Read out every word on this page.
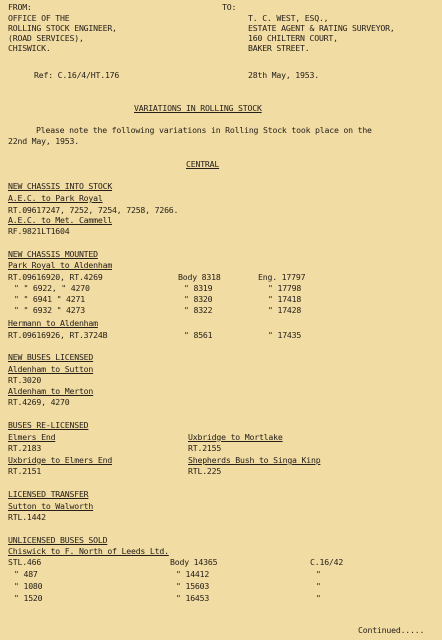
FROM:
OFFICE OF THE
ROLLING STOCK ENGINEER,
(ROAD SERVICES),
CHISWICK.
TO:
T. C. WEST, ESQ.,
ESTATE AGENT & RATING SURVEYOR,
160 CHILTERN COURT,
BAKER STREET.
Ref: C.16/4/HT.176	28th May, 1953.
VARIATIONS IN ROLLING STOCK
Please note the following variations in Rolling Stock took place on the
22nd May, 1953.
CENTRAL
NEW CHASSIS INTO STOCK
A.E.C. to Park Royal
RT.09617247, 7252, 7254, 7258, 7266.
A.E.C. to Met. Cammell
RF.9821LT1604
NEW CHASSIS MOUNTED
Park Royal to Aldenham
RT.09616920, RT.4269	Body 8318	Eng. 17797
" " 6922, " 4270	" 8319	" 17798
" " 6941 " 4271	" 8320	" 17418
" " 6932 " 4273	" 8322	" 17428
Hermann to Aldenham
RT.09616926, RT.3724B	" 8561	" 17435
NEW BUSES LICENSED
Aldenham to Sutton
RT.3020
Aldenham to Merton
RT.4269, 4270
BUSES RE-LICENSED
Elmers End
RT.2183
Uxbridge to Elmers End
RT.2151
Uxbridge to Mortlake
RT.2155
Shepherds Bush to Singa Kinp
RTL.225
LICENSED TRANSFER
Sutton to Walworth
RTL.1442
UNLICENSED BUSES SOLD
Chiswick to F. North of Leeds Ltd.
STL.466	Body 14365	C.16/42
" 487	" 14412	"
" 1080	" 15603	"
" 1520	" 16453	"
Continued.....
